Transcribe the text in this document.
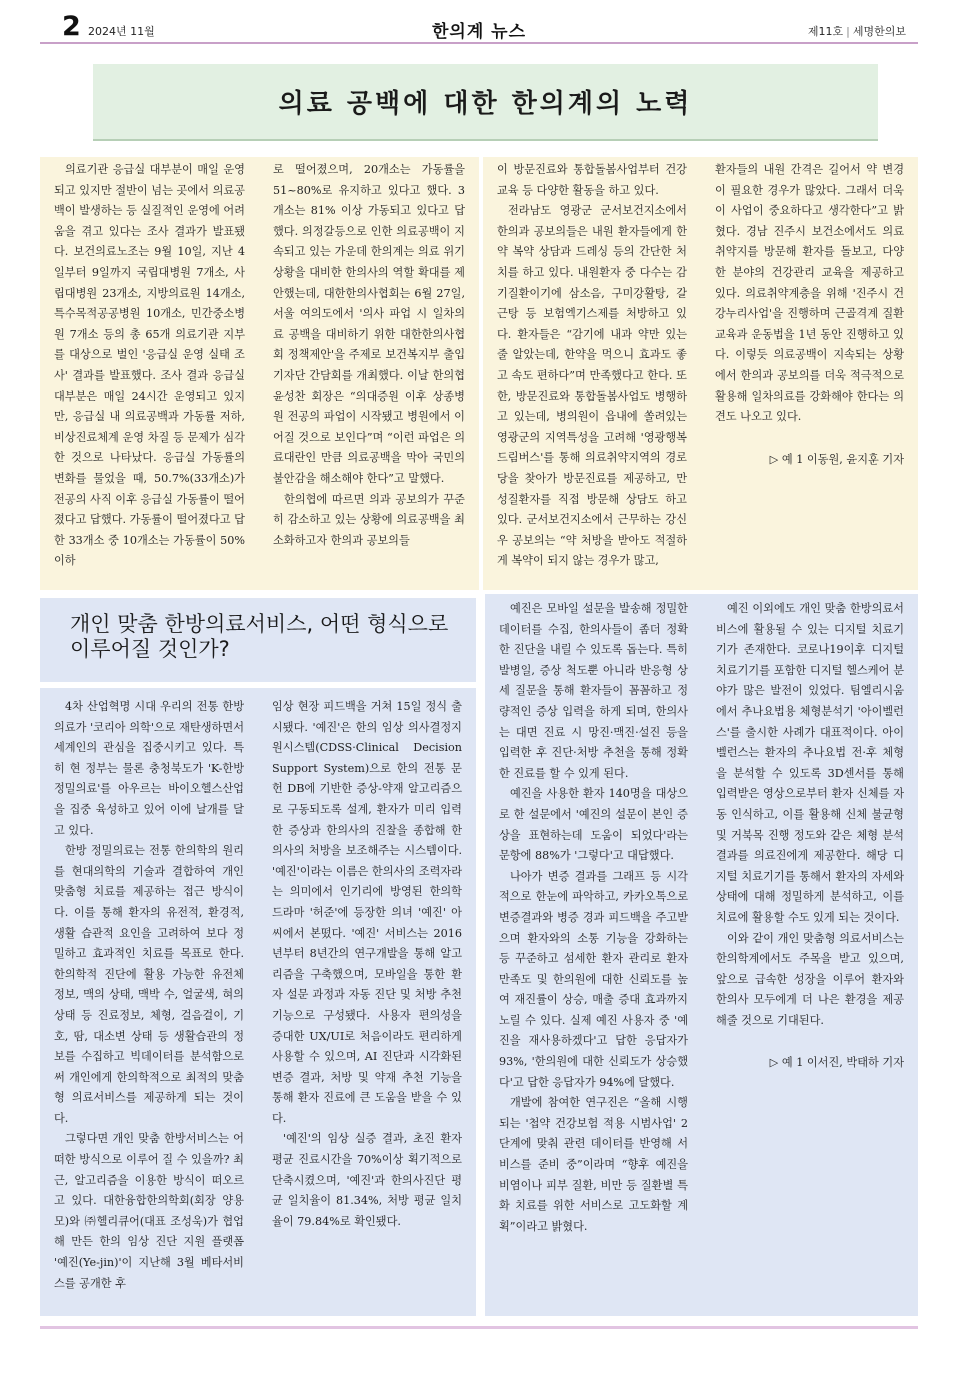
2 2024년 11월	한의계 뉴스	제11호 | 세명한의보
의료 공백에 대한 한의계의 노력

의료기관 응급실 대부분이 매일 운영되고 있지만 절반이 넘는 곳에서 의료공백이 발생하는 등 실질적인 운영에 어려움을 겪고 있다는 조사 결과가 발표됐다. 보건의료노조는 9월 10일, 지난 4일부터 9일까지 국립대병원 7개소, 사립대병원 23개소, 지방의료원 14개소, 특수목적공공병원 10개소, 민간중소병원 7개소 등의 총 65개 의료기관 지부를 대상으로 벌인 '응급실 운영 실태 조사' 결과를 발표했다. 조사 결과 응급실 대부분은 매일 24시간 운영되고 있지만, 응급실 내 의료공백과 가동률 저하, 비상진료체계 운영 차질 등 문제가 심각한 것으로 나타났다. 응급실 가동률의 변화를 물었을 때, 50.7%(33개소)가 전공의 사직 이후 응급실 가동률이 떨어졌다고 답했다. 가동률이 떨어졌다고 답한 33개소 중 10개소는 가동률이 50% 이하

로 떨어졌으며, 20개소는 가동률을 51~80%로 유지하고 있다고 했다. 3개소는 81% 이상 가동되고 있다고 답했다. 의정갈등으로 인한 의료공백이 지속되고 있는 가운데 한의계는 의료 위기 상황을 대비한 한의사의 역할 확대를 제안했는데, 대한한의사협회는 6월 27일, 서울 여의도에서 '의사 파업 시 일차의료 공백을 대비하기 위한 대한한의사협회 정책제안'을 주제로 보건복지부 출입기자단 간담회를 개최했다. 이날 한의협 윤성찬 회장은 “의대증원 이후 상종병원 전공의 파업이 시작됐고 병원에서 이어질 것으로 보인다”며 “이런 파업은 의료대란인 만큼 의료공백을 막아 국민의 불안감을 해소해야 한다”고 말했다.

한의협에 따르면 의과 공보의가 꾸준히 감소하고 있는 상황에 의료공백을 최소화하고자 한의과 공보의들

이 방문진료와 통합돌봄사업부터 건강교육 등 다양한 활동을 하고 있다.

전라남도 영광군 군서보건지소에서 한의과 공보의들은 내원 환자들에게 한약 복약 상담과 드레싱 등의 간단한 처치를 하고 있다. 내원환자 중 다수는 감기질환이기에 삼소음, 구미강활탕, 갈근탕 등 보험엑기스제를 처방하고 있다. 환자들은 “감기에 내과 약만 있는 줄 알았는데, 한약을 먹으니 효과도 좋고 속도 편하다”며 만족했다고 한다. 또한, 방문진료와 통합돌봄사업도 병행하고 있는데, 병의원이 읍내에 쏠려있는 영광군의 지역특성을 고려해 '영광행복드림버스'를 통해 의료취약지역의 경로당을 찾아가 방문진료를 제공하고, 만성질환자를 직접 방문해 상담도 하고 있다. 군서보건지소에서 근무하는 강신우 공보의는 “약 처방을 받아도 적절하게 복약이 되지 않는 경우가 많고,

환자들의 내원 간격은 길어서 약 변경이 필요한 경우가 많았다. 그래서 더욱 이 사업이 중요하다고 생각한다”고 밝혔다. 경남 진주시 보건소에서도 의료취약지를 방문해 환자를 돌보고, 다양한 분야의 건강관리 교육을 제공하고 있다. 의료취약계층을 위해 '진주시 건강누리사업'을 진행하며 근골격계 질환 교육과 운동법을 1년 동안 진행하고 있다. 이렇듯 의료공백이 지속되는 상황에서 한의과 공보의를 더욱 적극적으로 활용해 일차의료를 강화해야 한다는 의견도 나오고 있다.

▷ 예 1 이동원, 윤지훈 기자

개인 맞춤 한방의료서비스, 어떤 형식으로 이루어질 것인가?

4차 산업혁명 시대 우리의 전통 한방의료가 '코리아 의학'으로 재탄생하면서 세계인의 관심을 집중시키고 있다. 특히 현 정부는 물론 충청북도가 'K-한방 정밀의료'를 아우르는 바이오헬스산업을 집중 육성하고 있어 이에 날개를 달고 있다.

한방 정밀의료는 전통 한의학의 원리를 현대의학의 기술과 결합하여 개인 맞춤형 치료를 제공하는 접근 방식이다. 이를 통해 환자의 유전적, 환경적, 생활 습관적 요인을 고려하여 보다 정밀하고 효과적인 치료를 목표로 한다. 한의학적 진단에 활용 가능한 유전체 정보, 맥의 상태, 맥박 수, 얼굴색, 혀의 상태 등 진료정보, 체형, 걸음걸이, 기호, 땀, 대소변 상태 등 생활습관의 정보를 수집하고 빅데이터를 분석함으로써 개인에게 한의학적으로 최적의 맞춤형 의료서비스를 제공하게 되는 것이다.

그렇다면 개인 맞춤 한방서비스는 어떠한 방식으로 이루어 질 수 있을까? 최근, 알고리즘을 이용한 방식이 떠오르고 있다. 대한융합한의학회(회장 양용모)와 ㈜헬리큐어(대표 조성욱)가 협업해 만든 한의 임상 진단 지원 플랫폼 '예진(Ye-jin)'이 지난해 3월 베타서비스를 공개한 후

임상 현장 피드백을 거쳐 15일 정식 출시됐다. '예진'은 한의 임상 의사결정지원시스템(CDSS·Clinical Decision Support System)으로 한의 전통 문헌 DB에 기반한 증상-약재 알고리즘으로 구동되도록 설계, 환자가 미리 입력한 증상과 한의사의 진찰을 종합해 한의사의 처방을 보조해주는 시스템이다. '예진'이라는 이름은 한의사의 조력자라는 의미에서 인기리에 방영된 한의학 드라마 '허준'에 등장한 의녀 '예진' 아씨에서 본떴다. '예진' 서비스는 2016년부터 8년간의 연구개발을 통해 알고리즘을 구축했으며, 모바일을 통한 환자 설문 과정과 자동 진단 및 처방 추천 기능으로 구성됐다. 사용자 편의성을 증대한 UX/UI로 처음이라도 편리하게 사용할 수 있으며, AI 진단과 시각화된 변증 결과, 처방 및 약재 추천 기능을 통해 환자 진료에 큰 도움을 받을 수 있다.

'예진'의 임상 실증 결과, 초진 환자 평균 진료시간을 70%이상 획기적으로 단축시켰으며, '예진'과 한의사진단 평균 일치율이 81.34%, 처방 평균 일치율이 79.84%로 확인됐다.

예진은 모바일 설문을 발송해 정밀한 데이터를 수집, 한의사들이 좀더 정확한 진단을 내릴 수 있도록 돕는다. 특히 발병일, 증상 척도뿐 아니라 반응형 상세 질문을 통해 환자들이 꼼꼼하고 정량적인 증상 입력을 하게 되며, 한의사는 대면 진료 시 망진·맥진·설진 등을 입력한 후 진단·처방 추천을 통해 정확한 진료를 할 수 있게 된다.

예진을 사용한 환자 140명을 대상으로 한 설문에서 '예진의 설문이 본인 증상을 표현하는데 도움이 되었다'라는 문항에 88%가 '그렇다'고 대답했다.

나아가 변증 결과를 그래프 등 시각적으로 한눈에 파악하고, 카카오톡으로 변증결과와 병증 경과 피드백을 주고받으며 환자와의 소통 기능을 강화하는 등 꾸준하고 섬세한 환자 관리로 환자 만족도 및 한의원에 대한 신뢰도를 높여 재진률이 상승, 매출 증대 효과까지 노릴 수 있다. 실제 예진 사용자 중 '예진을 재사용하겠다'고 답한 응답자가 93%, '한의원에 대한 신뢰도가 상승했다'고 답한 응답자가 94%에 달했다.

개발에 참여한 연구진은 “올해 시행되는 '첩약 건강보험 적용 시범사업' 2단계에 맞춰 관련 데이터를 반영해 서비스를 준비 중”이라며 “향후 예진을 비염이나 피부 질환, 비만 등 질환별 특화 치료를 위한 서비스로 고도화할 계획”이라고 밝혔다.

예진 이외에도 개인 맞춤 한방의료서비스에 활용될 수 있는 디지털 치료기기가 존재한다. 코로나19이후 디지털 치료기기를 포함한 디지털 헬스케어 분야가 많은 발전이 있었다. 팀엘리시움에서 추나요법용 체형분석기 '아이벨런스'를 출시한 사례가 대표적이다. 아이벨런스는 환자의 추나요법 전·후 체형을 분석할 수 있도록 3D센서를 통해 입력받은 영상으로부터 환자 신체를 자동 인식하고, 이를 활용해 신체 불균형 및 거북목 진행 정도와 같은 체형 분석 결과를 의료진에게 제공한다. 해당 디지털 치료기기를 통해서 환자의 자세와 상태에 대해 정밀하게 분석하고, 이를 치료에 활용할 수도 있게 되는 것이다.

이와 같이 개인 맞춤형 의료서비스는 한의학계에서도 주목을 받고 있으며, 앞으로 급속한 성장을 이루어 환자와 한의사 모두에게 더 나은 환경을 제공해줄 것으로 기대된다.

▷ 예 1 이서진, 박태하 기자
